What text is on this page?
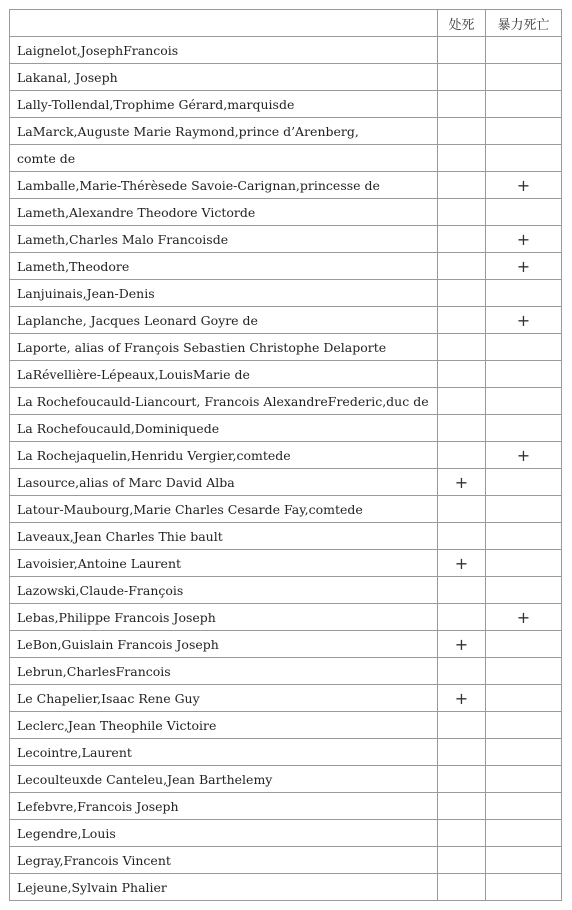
	处死	暴力死亡
Laignelot,JosephFrancois		
Lakanal, Joseph		
Lally-Tollendal,Trophime Gérard,marquisde		
LaMarck,Auguste Marie Raymond,prince d’Arenberg,		
comte de		
Lamballe,Marie-Thérèsede Savoie-Carignan,princesse de		+
Lameth,Alexandre Theodore Victorde		
Lameth,Charles Malo Francoisde		+
Lameth,Theodore		+
Lanjuinais,Jean-Denis		
Laplanche, Jacques Leonard Goyre de		+
Laporte, alias of François Sebastien Christophe Delaporte		
LaRévellière-Lépeaux,LouisMarie de		
La Rochefoucauld-Liancourt, Francois AlexandreFrederic,duc de		
La Rochefoucauld,Dominiquede		
La Rochejaquelin,Henridu Vergier,comtede		+
Lasource,alias of Marc David Alba	+	
Latour-Maubourg,Marie Charles Cesarde Fay,comtede		
Laveaux,Jean Charles Thie bault		
Lavoisier,Antoine Laurent	+	
Lazowski,Claude-François		
Lebas,Philippe Francois Joseph		+
LeBon,Guislain Francois Joseph	+	
Lebrun,CharlesFrancois		
Le Chapelier,Isaac Rene Guy	+	
Leclerc,Jean Theophile Victoire		
Lecointre,Laurent		
Lecoulteuxde Canteleu,Jean Barthelemy		
Lefebvre,Francois Joseph		
Legendre,Louis		
Legray,Francois Vincent		
Lejeune,Sylvain Phalier		
